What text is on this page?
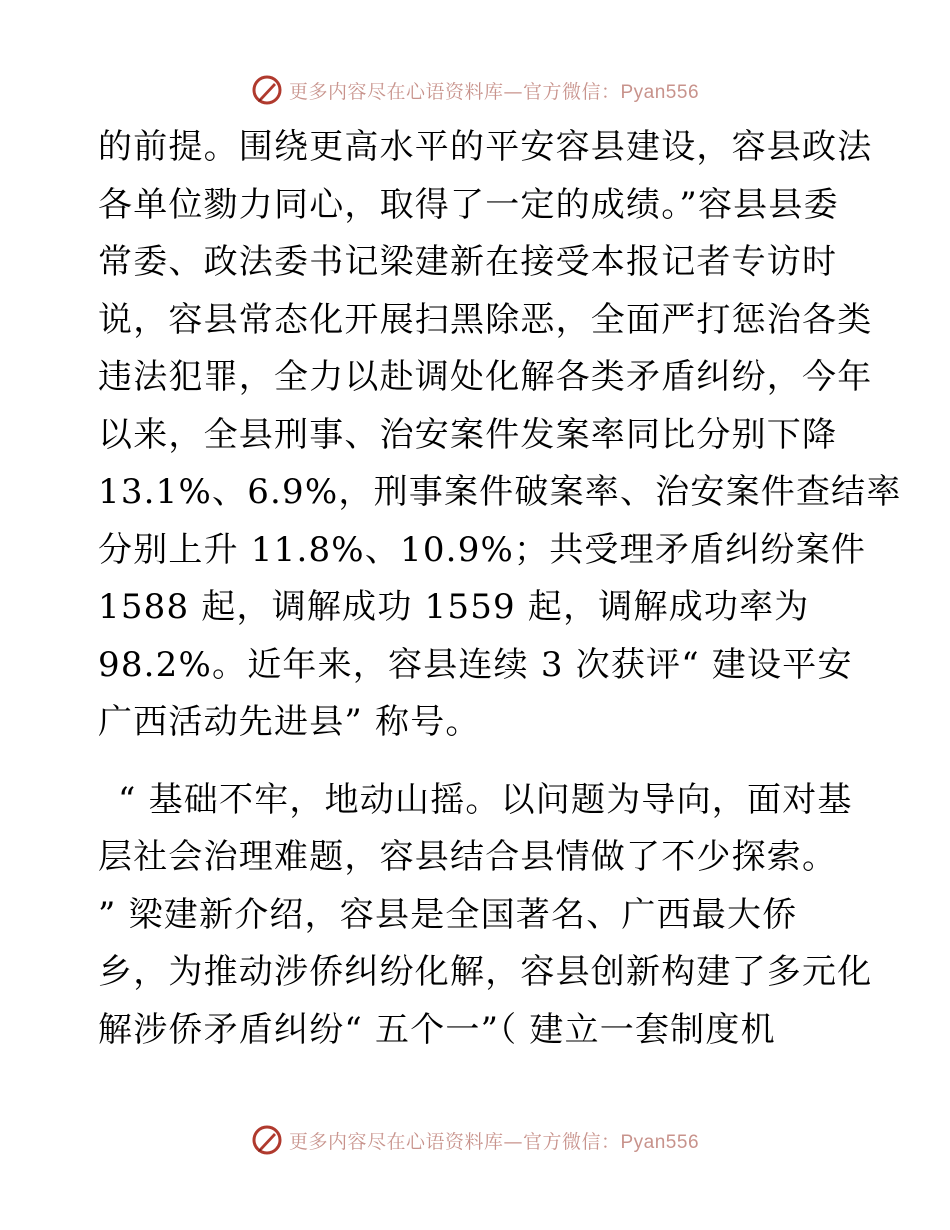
更多内容尽在心语资料库—官方微信：Pyan556
的前提。围绕更高水平的平安容县建设，容县政法
各单位勠力同心，取得了一定的成绩。”容县县委
常委、政法委书记梁建新在接受本报记者专访时
说，容县常态化开展扫黑除恶，全面严打惩治各类
违法犯罪，全力以赴调处化解各类矛盾纠纷，今年
以来，全县刑事、治安案件发案率同比分别下降
13.1%、6.9%，刑事案件破案率、治安案件查结率
分别上升 11.8%、10.9%；共受理矛盾纠纷案件
1588 起，调解成功 1559 起，调解成功率为
98.2%。近年来，容县连续 3 次获评“ 建设平安
广西活动先进县” 称号。
“ 基础不牢，地动山摇。以问题为导向，面对基
层社会治理难题，容县结合县情做了不少探索。
” 梁建新介绍，容县是全国著名、广西最大侨
乡，为推动涉侨纠纷化解，容县创新构建了多元化
解涉侨矛盾纠纷“ 五个一”（ 建立一套制度机
更多内容尽在心语资料库—官方微信：Pyan556
